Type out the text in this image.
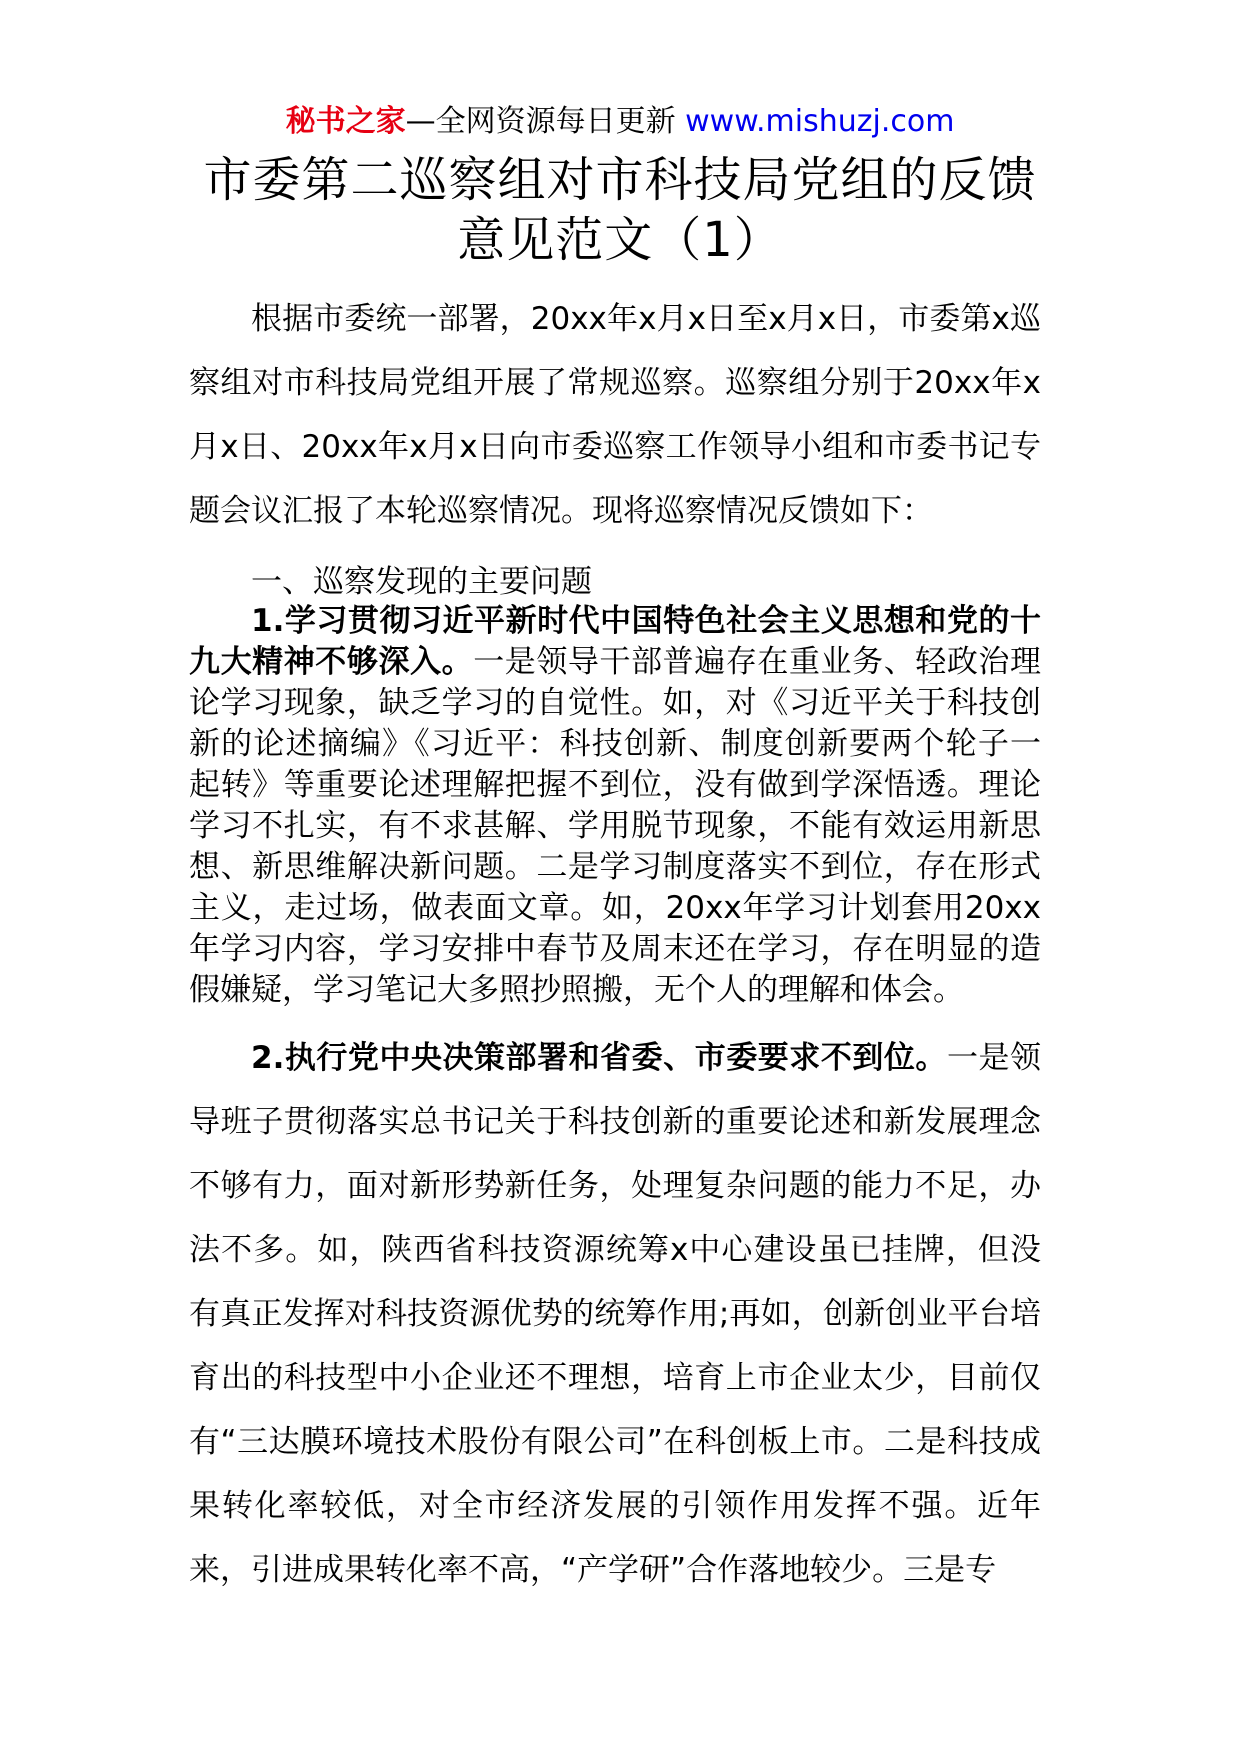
秘书之家—全网资源每日更新 www.mishuzj.com
市委第二巡察组对市科技局党组的反馈
意见范文（1）

根据市委统一部署，20xx年x月x日至x月x日，市委第x巡察组对市科技局党组开展了常规巡察。巡察组分别于20xx年x月x日、20xx年x月x日向市委巡察工作领导小组和市委书记专题会议汇报了本轮巡察情况。现将巡察情况反馈如下：

一、巡察发现的主要问题

1.学习贯彻习近平新时代中国特色社会主义思想和党的十九大精神不够深入。一是领导干部普遍存在重业务、轻政治理论学习现象，缺乏学习的自觉性。如，对《习近平关于科技创新的论述摘编》《习近平：科技创新、制度创新要两个轮子一起转》等重要论述理解把握不到位，没有做到学深悟透。理论学习不扎实，有不求甚解、学用脱节现象，不能有效运用新思想、新思维解决新问题。二是学习制度落实不到位，存在形式主义，走过场，做表面文章。如，20xx年学习计划套用20xx年学习内容，学习安排中春节及周末还在学习，存在明显的造假嫌疑，学习笔记大多照抄照搬，无个人的理解和体会。

2.执行党中央决策部署和省委、市委要求不到位。一是领导班子贯彻落实总书记关于科技创新的重要论述和新发展理念不够有力，面对新形势新任务，处理复杂问题的能力不足，办法不多。如，陕西省科技资源统筹x中心建设虽已挂牌，但没有真正发挥对科技资源优势的统筹作用;再如，创新创业平台培育出的科技型中小企业还不理想，培育上市企业太少，目前仅有“三达膜环境技术股份有限公司”在科创板上市。二是科技成果转化率较低，对全市经济发展的引领作用发挥不强。近年来，引进成果转化率不高，“产学研”合作落地较少。三是专
